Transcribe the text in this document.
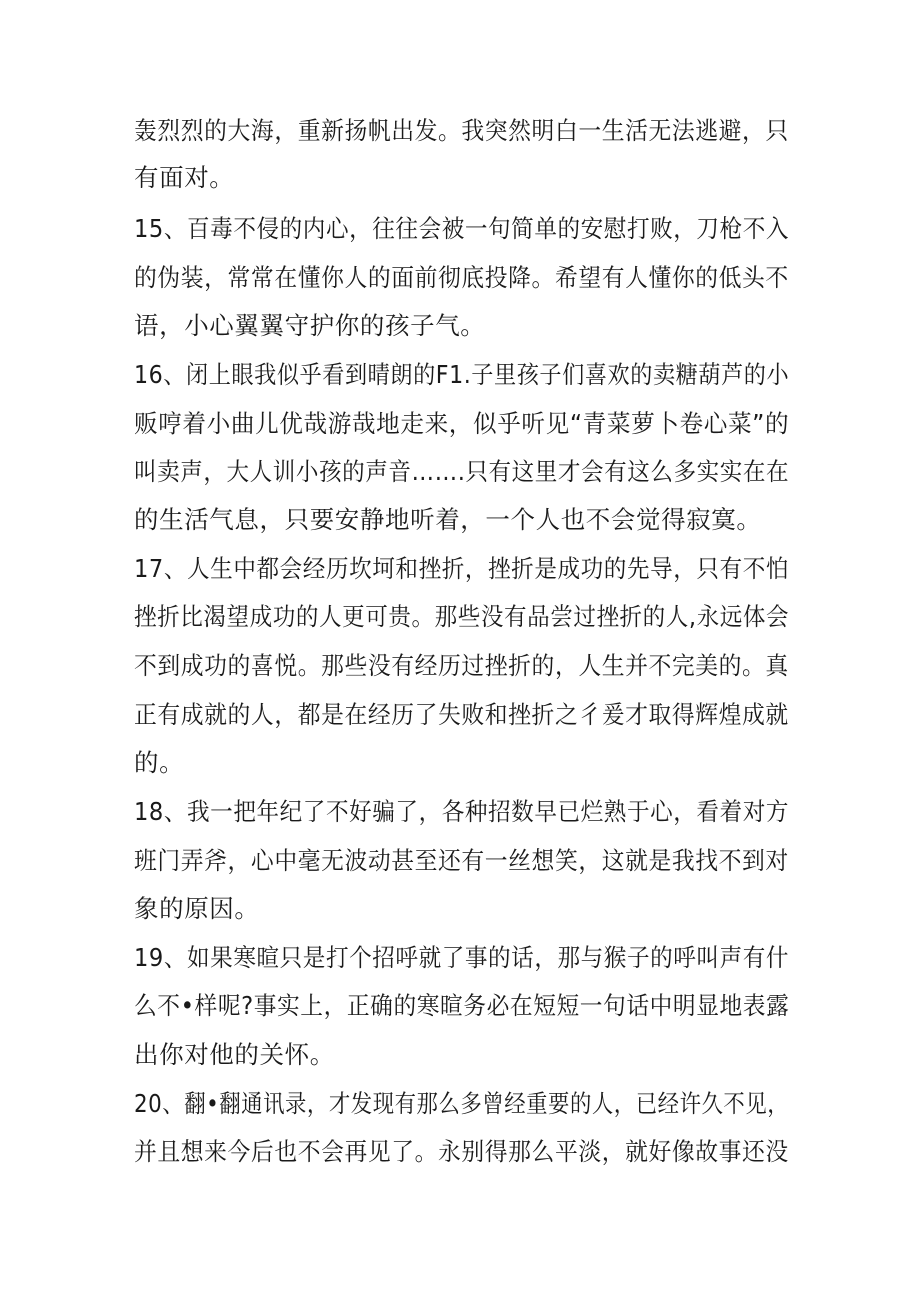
轰烈烈的大海，重新扬帆出发。我突然明白一生活无法逃避，只
有面对。
15、百毒不侵的内心，往往会被一句简单的安慰打败，刀枪不入
的伪装，常常在懂你人的面前彻底投降。希望有人懂你的低头不
语，小心翼翼守护你的孩子气。
16、闭上眼我似乎看到晴朗的F1.子里孩子们喜欢的卖糖葫芦的小
贩哼着小曲儿优哉游哉地走来，似乎听见“青菜萝卜卷心菜”的
叫卖声，大人训小孩的声音…….只有这里才会有这么多实实在在
的生活气息，只要安静地听着，一个人也不会觉得寂寞。
17、人生中都会经历坎坷和挫折，挫折是成功的先导，只有不怕
挫折比渴望成功的人更可贵。那些没有品尝过挫折的人,永远体会
不到成功的喜悦。那些没有经历过挫折的，人生并不完美的。真
正有成就的人，都是在经历了失败和挫折之彳爰才取得辉煌成就
的。
18、我一把年纪了不好骗了，各种招数早已烂熟于心，看着对方
班门弄斧，心中毫无波动甚至还有一丝想笑，这就是我找不到对
象的原因。
19、如果寒暄只是打个招呼就了事的话，那与猴子的呼叫声有什
么不•样呢?事实上，正确的寒暄务必在短短一句话中明显地表露
出你对他的关怀。
20、翻•翻通讯录，才发现有那么多曾经重要的人，已经许久不见，
并且想来今后也不会再见了。永别得那么平淡，就好像故事还没
